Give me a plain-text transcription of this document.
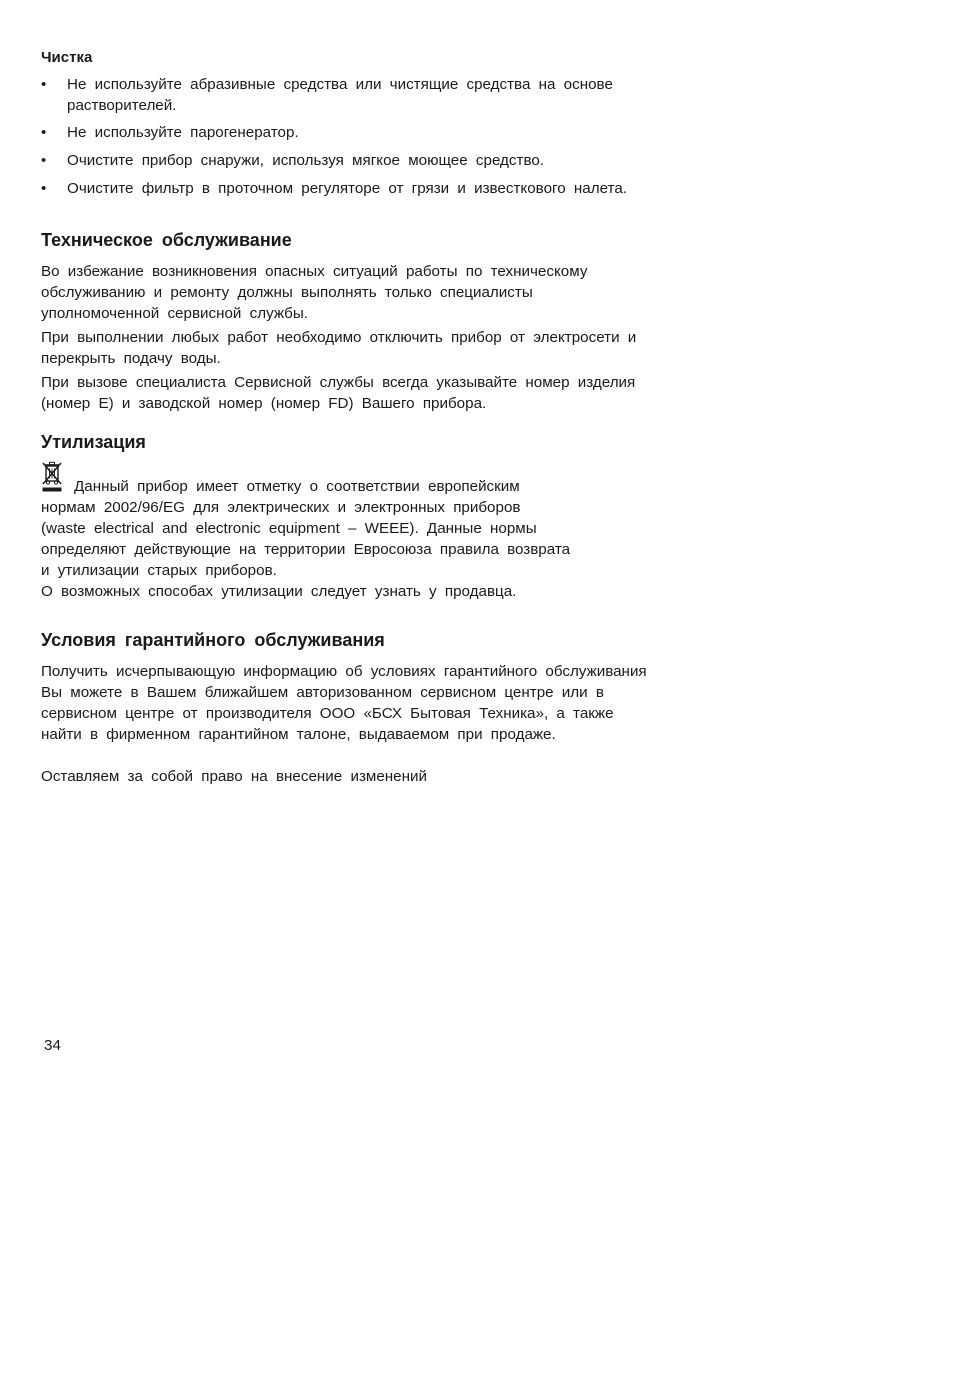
Чистка

• Не используйте абразивные средства или чистящие средства на основе

растворителей.

• Не используйте парогенератор.

• Очистите прибор снаружи, используя мягкое моющее средство.

• Очистите фильтр в проточном регуляторе от грязи и известкового налета.

Техническое обслуживание

Во избежание возникновения опасных ситуаций работы по техническому

обслуживанию и ремонту должны выполнять только специалисты

уполномоченной сервисной службы.

При выполнении любых работ необходимо отключить прибор от электросети и

перекрыть подачу воды.

При вызове специалиста Сервисной службы всегда указывайте номер изделия

(номер E) и заводской номер (номер FD) Вашего прибора.

Утилизация

Данный прибор имеет отметку о соответствии европейским

нормам 2002/96/EG для электрических и электронных приборов

(waste electrical and electronic equipment – WEEE). Данные нормы

определяют действующие на территории Евросоюза правила возврата

и утилизации старых приборов.

О возможных способах утилизации следует узнать у продавца.

Условия гарантийного обслуживания

Получить исчерпывающую информацию об условиях гарантийного обслуживания

Вы можете в Вашем ближайшем авторизованном сервисном центре или в

сервисном центре от производителя ООО «БСХ Бытовая Техника», а также

найти в фирменном гарантийном талоне, выдаваемом при продаже.

Оставляем за собой право на внесение изменений

34
